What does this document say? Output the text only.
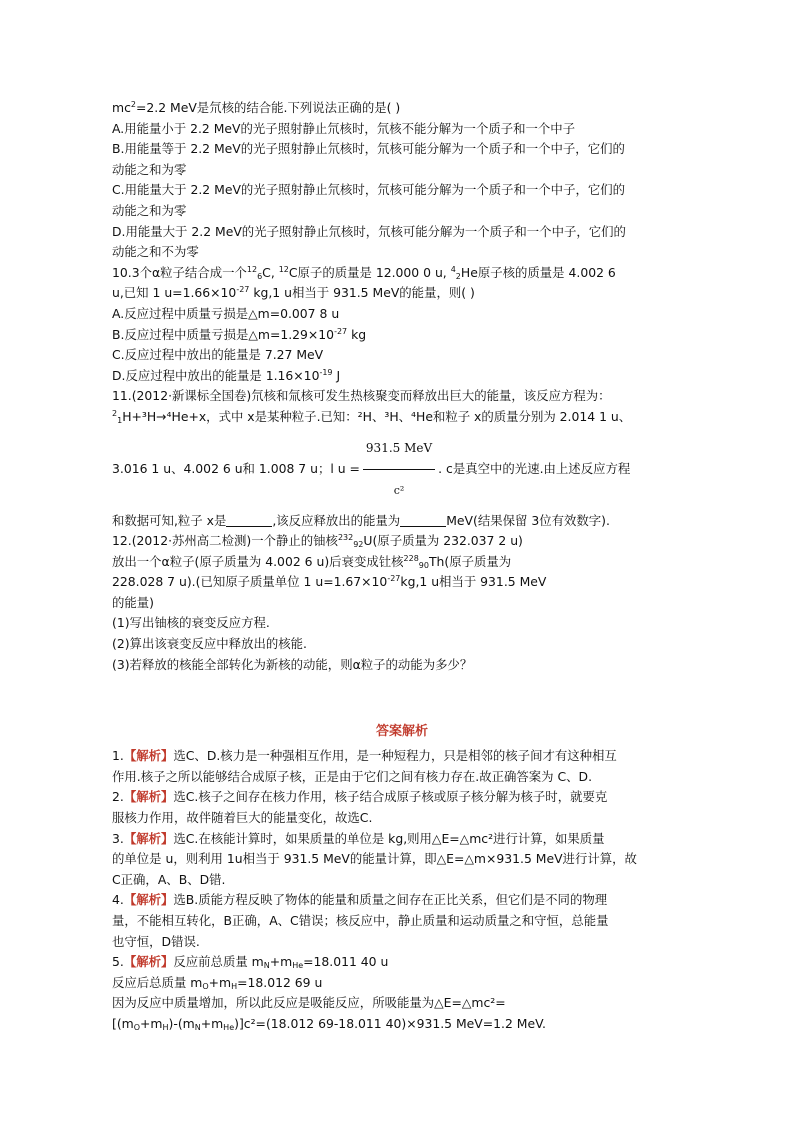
$mc^2=2.2$ MeV是氘核的结合能.下列说法正确的是( )
A.用能量小于 2.2 MeV的光子照射静止氘核时，氘核不能分解为一个质子和一个中子
B.用能量等于 2.2 MeV的光子照射静止氘核时，氘核可能分解为一个质子和一个中子，它们的
动能之和为零
C.用能量大于 2.2 MeV的光子照射静止氘核时，氘核可能分解为一个质子和一个中子，它们的
动能之和为零
D.用能量大于 2.2 MeV的光子照射静止氘核时，氘核可能分解为一个质子和一个中子，它们的
动能之和不为零
10.3个α粒子结合成一个$^{12}_6$C, $^{12}$C原子的质量是 12.000 0 u, $^4_2$He原子核的质量是 4.002 6
u,已知 1 $u=1.66\times 10^{-27}$ kg,1 u相当于 931.5 MeV的能量，则( )
A.反应过程中质量亏损是△m=0.007 8 u
B.反应过程中质量亏损是$\triangle m=1.29\times 10^{-27}$ kg
C.反应过程中放出的能量是 7.27 MeV
D.反应过程中放出的能量是 $1.16\times 10^{-19}$ J
11.(2012·新课标全国卷)氘核和氚核可发生热核聚变而释放出巨大的能量，该反应方程为：
$^2_1$H+³H→⁴He+x，式中 x是某种粒子.已知：²H、³H、⁴He和粒子 x的质量分别为 2.014 1 u、
3.016 1 u、4.002 6 u和 1.008 7 u；l $u = \frac{\text{931.5 MeV}}{\text{c²}}$ . c是真空中的光速.由上述反应方程
和数据可知,粒子 x是	,该反应释放出的能量为	MeV(结果保留 3位有效数字).
12.(2012·苏州高二检测)一个静止的铀核$^{232}_{92}$U(原子质量为 232.037 2 u)
放出一个α粒子(原子质量为 4.002 6 u)后衰变成钍核$^{228}_{90}$Th(原子质量为
228.028 7 u).(已知原子质量单位 1 $u=1.67\times 10^{-27}kg,1$ u相当于 931.5 MeV
的能量)
(1)写出铀核的衰变反应方程.
(2)算出该衰变反应中释放出的核能.
(3)若释放的核能全部转化为新核的动能，则α粒子的动能为多少？
答案解析
1.【解析】选C、D.核力是一种强相互作用，是一种短程力，只是相邻的核子间才有这种相互
作用.核子之所以能够结合成原子核，正是由于它们之间有核力存在.故正确答案为 C、D.
2.【解析】选C.核子之间存在核力作用，核子结合成原子核或原子核分解为核子时，就要克
服核力作用，故伴随着巨大的能量变化，故选C.
3.【解析】选C.在核能计算时，如果质量的单位是 kg,则用△E=△mc²进行计算，如果质量
的单位是 u，则利用 1u相当于 931.5 MeV的能量计算，即△E=△m×931.5 MeV进行计算，故
C正确，A、B、D错.
4.【解析】选B.质能方程反映了物体的能量和质量之间存在正比关系，但它们是不同的物理
量，不能相互转化，B正确，A、C错误；核反应中，静止质量和运动质量之和守恒，总能量
也守恒，D错误.
5.【解析】反应前总质量 $m_N+m_{He}=18.011$ 40 u
反应后总质量 $m_O+m_H=18.012$ 69 u
因为反应中质量增加，所以此反应是吸能反应，所吸能量为△E=△mc²=
$[(m_O+m_H)-(m_N+m_{He})]c^2=(18.012$ 69-18.011 40)×931.5 MeV=1.2 MeV.
